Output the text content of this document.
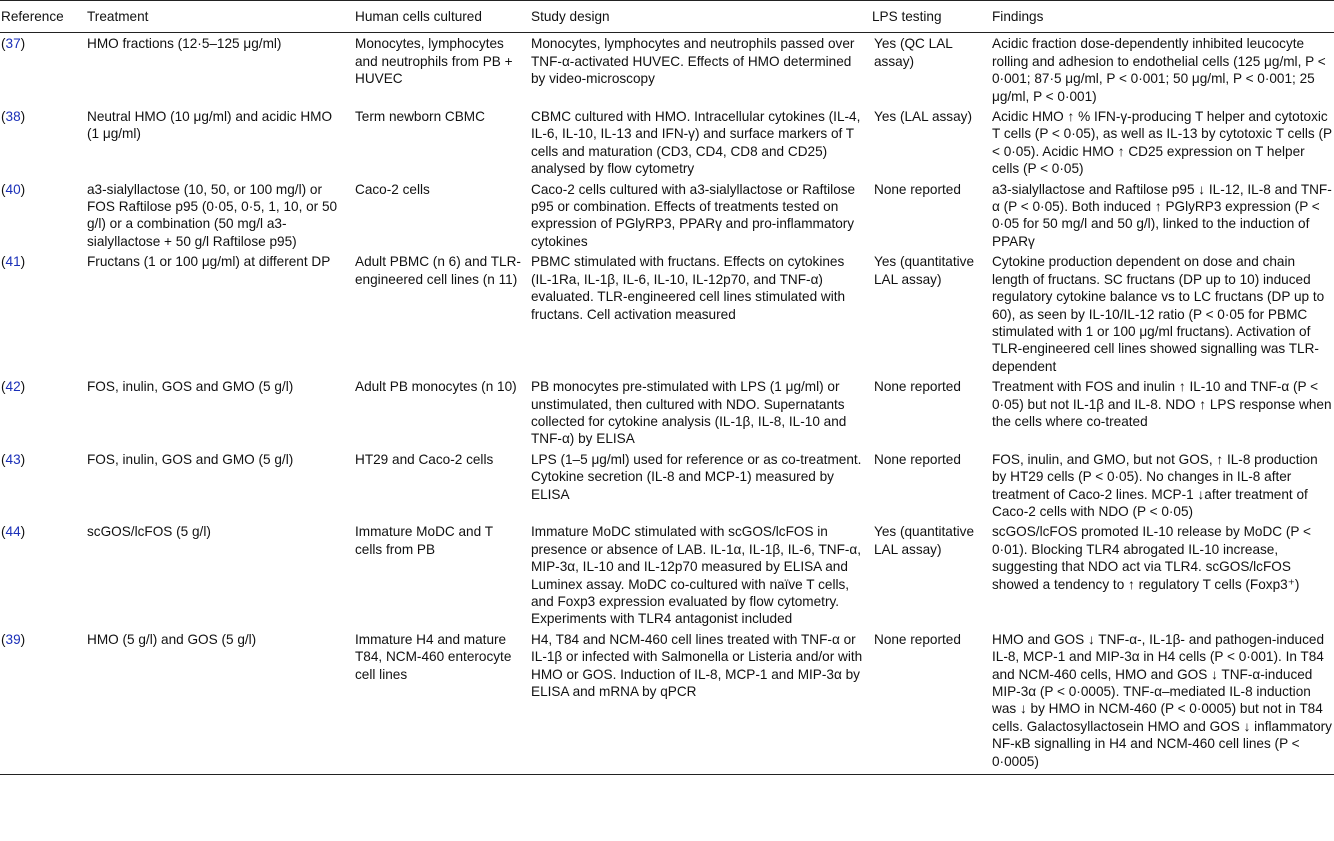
Reference	Treatment	Human cells cultured	Study design	LPS testing	Findings
(37)	HMO fractions (12·5–125 μg/ml)	Monocytes, lymphocytes and neutrophils from PB + HUVEC	Monocytes, lymphocytes and neutrophils passed over TNF-α-activated HUVEC. Effects of HMO determined by video-microscopy	Yes (QC LAL assay)	Acidic fraction dose-dependently inhibited leucocyte rolling and adhesion to endothelial cells (125 μg/ml, P < 0·001; 87·5 μg/ml, P < 0·001; 50 μg/ml, P < 0·001; 25 μg/ml, P < 0·001)
(38)	Neutral HMO (10 μg/ml) and acidic HMO (1 μg/ml)	Term newborn CBMC	CBMC cultured with HMO. Intracellular cytokines (IL-4, IL-6, IL-10, IL-13 and IFN-γ) and surface markers of T cells and maturation (CD3, CD4, CD8 and CD25) analysed by flow cytometry	Yes (LAL assay)	Acidic HMO ↑ % IFN-γ-producing T helper and cytotoxic T cells (P < 0·05), as well as IL-13 by cytotoxic T cells (P < 0·05). Acidic HMO ↑ CD25 expression on T helper cells (P < 0·05)
(40)	a3-sialyllactose (10, 50, or 100 mg/l) or FOS Raftilose p95 (0·05, 0·5, 1, 10, or 50 g/l) or a combination (50 mg/l a3-sialyllactose + 50 g/l Raftilose p95)	Caco-2 cells	Caco-2 cells cultured with a3-sialyllactose or Raftilose p95 or combination. Effects of treatments tested on expression of PGlyRP3, PPARγ and pro-inflammatory cytokines	None reported	a3-sialyllactose and Raftilose p95 ↓ IL-12, IL-8 and TNF-α (P < 0·05). Both induced ↑ PGlyRP3 expression (P < 0·05 for 50 mg/l and 50 g/l), linked to the induction of PPARγ
(41)	Fructans (1 or 100 μg/ml) at different DP	Adult PBMC (n 6) and TLR-engineered cell lines (n 11)	PBMC stimulated with fructans. Effects on cytokines (IL-1Ra, IL-1β, IL-6, IL-10, IL-12p70, and TNF-α) evaluated. TLR-engineered cell lines stimulated with fructans. Cell activation measured	Yes (quantitative LAL assay)	Cytokine production dependent on dose and chain length of fructans. SC fructans (DP up to 10) induced regulatory cytokine balance vs to LC fructans (DP up to 60), as seen by IL-10/IL-12 ratio (P < 0·05 for PBMC stimulated with 1 or 100 μg/ml fructans). Activation of TLR-engineered cell lines showed signalling was TLR-dependent
(42)	FOS, inulin, GOS and GMO (5 g/l)	Adult PB monocytes (n 10)	PB monocytes pre-stimulated with LPS (1 μg/ml) or unstimulated, then cultured with NDO. Supernatants collected for cytokine analysis (IL-1β, IL-8, IL-10 and TNF-α) by ELISA	None reported	Treatment with FOS and inulin ↑ IL-10 and TNF-α (P < 0·05) but not IL-1β and IL-8. NDO ↑ LPS response when the cells where co-treated
(43)	FOS, inulin, GOS and GMO (5 g/l)	HT29 and Caco-2 cells	LPS (1–5 μg/ml) used for reference or as co-treatment. Cytokine secretion (IL-8 and MCP-1) measured by ELISA	None reported	FOS, inulin, and GMO, but not GOS, ↑ IL-8 production by HT29 cells (P < 0·05). No changes in IL-8 after treatment of Caco-2 lines. MCP-1 ↓after treatment of Caco-2 cells with NDO (P < 0·05)
(44)	scGOS/lcFOS (5 g/l)	Immature MoDC and T cells from PB	Immature MoDC stimulated with scGOS/lcFOS in presence or absence of LAB. IL-1α, IL-1β, IL-6, TNF-α, MIP-3α, IL-10 and IL-12p70 measured by ELISA and Luminex assay. MoDC co-cultured with naïve T cells, and Foxp3 expression evaluated by flow cytometry. Experiments with TLR4 antagonist included	Yes (quantitative LAL assay)	scGOS/lcFOS promoted IL-10 release by MoDC (P < 0·01). Blocking TLR4 abrogated IL-10 increase, suggesting that NDO act via TLR4. scGOS/lcFOS showed a tendency to ↑ regulatory T cells (Foxp3⁺)
(39)	HMO (5 g/l) and GOS (5 g/l)	Immature H4 and mature T84, NCM-460 enterocyte cell lines	H4, T84 and NCM-460 cell lines treated with TNF-α or IL-1β or infected with Salmonella or Listeria and/or with HMO or GOS. Induction of IL-8, MCP-1 and MIP-3α by ELISA and mRNA by qPCR	None reported	HMO and GOS ↓ TNF-α-, IL-1β- and pathogen-induced IL-8, MCP-1 and MIP-3α in H4 cells (P < 0·001). In T84 and NCM-460 cells, HMO and GOS ↓ TNF-α-induced MIP-3α (P < 0·0005). TNF-α–mediated IL-8 induction was ↓ by HMO in NCM-460 (P < 0·0005) but not in T84 cells. Galactosyllactosein HMO and GOS ↓ inflammatory NF-κB signalling in H4 and NCM-460 cell lines (P < 0·0005)
